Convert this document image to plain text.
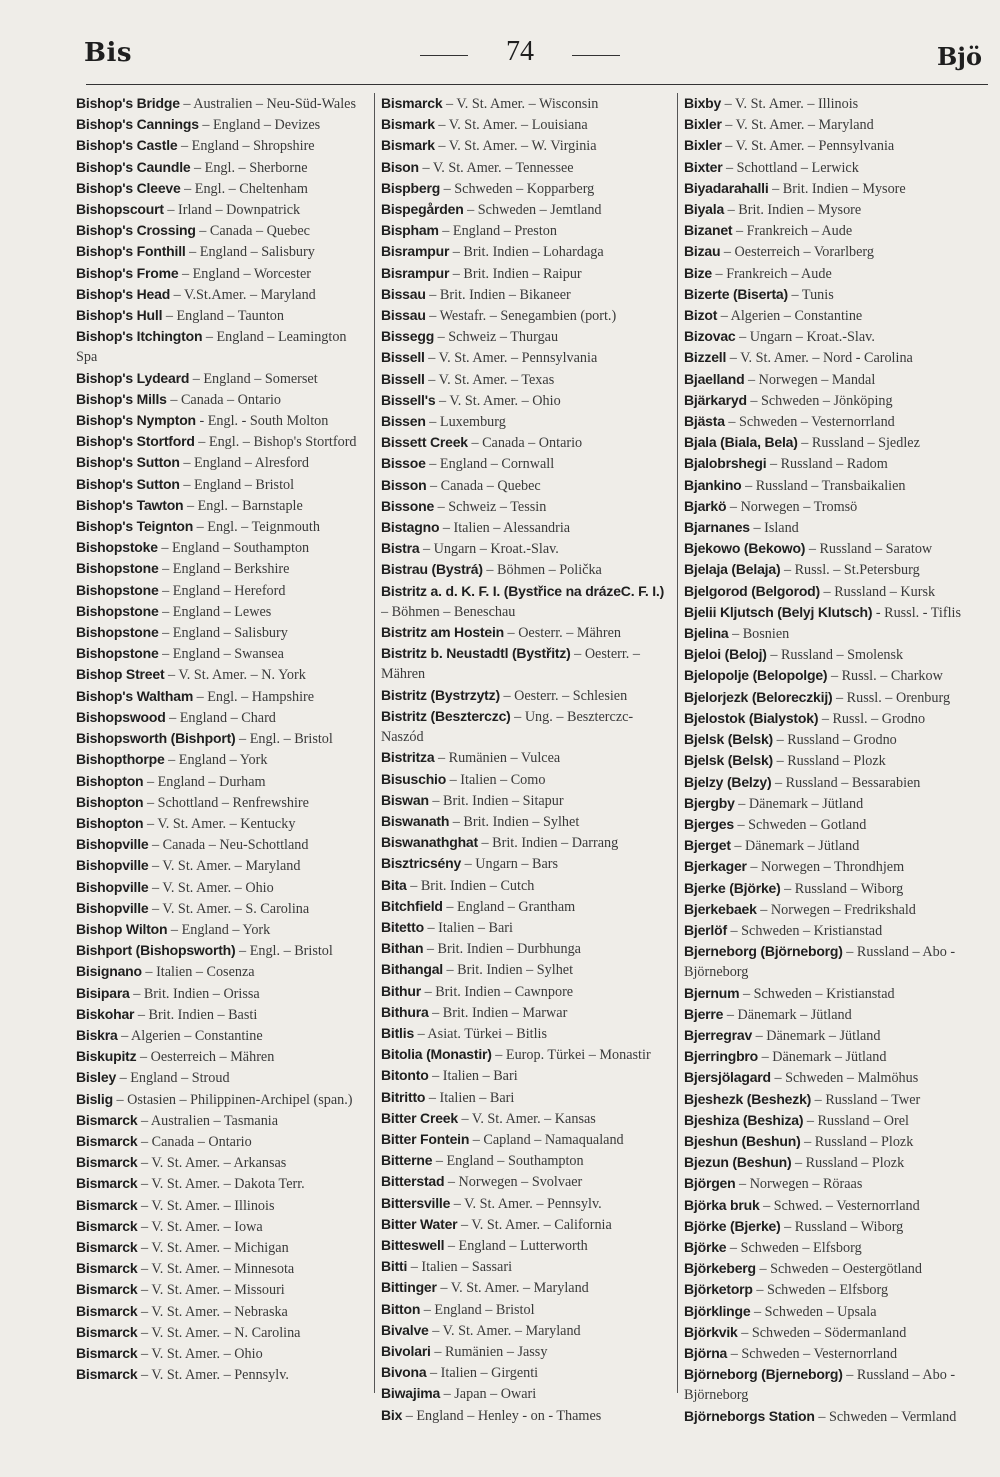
Bis	74	Bjö
Bishop's Bridge – Australien – Neu-Süd-Wales
Bishop's Cannings – England – Devizes
Bishop's Castle – England – Shropshire
Bishop's Caundle – Engl. – Sherborne
Bishop's Cleeve – Engl. – Cheltenham
Bishopscourt – Irland – Downpatrick
Bishop's Crossing – Canada – Quebec
Bishop's Fonthill – England – Salisbury
Bishop's Frome – England – Worcester
Bishop's Head – V.St.Amer. – Maryland
Bishop's Hull – England – Taunton
Bishop's Itchington – England – Leamington Spa
Bishop's Lydeard – England – Somerset
Bishop's Mills – Canada – Ontario
Bishop's Nympton - Engl. - South Molton
Bishop's Stortford – Engl. – Bishop's Stortford
Bishop's Sutton – England – Alresford
Bishop's Sutton – England – Bristol
Bishop's Tawton – Engl. – Barnstaple
Bishop's Teignton – Engl. – Teignmouth
Bishopstoke – England – Southampton
Bishopstone – England – Berkshire
Bishopstone – England – Hereford
Bishopstone – England – Lewes
Bishopstone – England – Salisbury
Bishopstone – England – Swansea
Bishop Street – V. St. Amer. – N. York
Bishop's Waltham – Engl. – Hampshire
Bishopswood – England – Chard
Bishopsworth (Bishport) – Engl. – Bristol
Bishopthorpe – England – York
Bishopton – England – Durham
Bishopton – Schottland – Renfrewshire
Bishopton – V. St. Amer. – Kentucky
Bishopville – Canada – Neu-Schottland
Bishopville – V. St. Amer. – Maryland
Bishopville – V. St. Amer. – Ohio
Bishopville – V. St. Amer. – S. Carolina
Bishop Wilton – England – York
Bishport (Bishopsworth) – Engl. – Bristol
Bisignano – Italien – Cosenza
Bisipara – Brit. Indien – Orissa
Biskohar – Brit. Indien – Basti
Biskra – Algerien – Constantine
Biskupitz – Oesterreich – Mähren
Bisley – England – Stroud
Bislig – Ostasien – Philippinen-Archipel (span.)
Bismarck – Australien – Tasmania
Bismarck – Canada – Ontario
Bismarck – V. St. Amer. – Arkansas
Bismarck – V. St. Amer. – Dakota Terr.
Bismarck – V. St. Amer. – Illinois
Bismarck – V. St. Amer. – Iowa
Bismarck – V. St. Amer. – Michigan
Bismarck – V. St. Amer. – Minnesota
Bismarck – V. St. Amer. – Missouri
Bismarck – V. St. Amer. – Nebraska
Bismarck – V. St. Amer. – N. Carolina
Bismarck – V. St. Amer. – Ohio
Bismarck – V. St. Amer. – Pennsylv.
Bismarck – V. St. Amer. – Wisconsin
Bismark – V. St. Amer. – Louisiana
Bismark – V. St. Amer. – W. Virginia
Bison – V. St. Amer. – Tennessee
Bispberg – Schweden – Kopparberg
Bispegården – Schweden – Jemtland
Bispham – England – Preston
Bisrampur – Brit. Indien – Lohardaga
Bisrampur – Brit. Indien – Raipur
Bissau – Brit. Indien – Bikaneer
Bissau – Westafr. – Senegambien (port.)
Bissegg – Schweiz – Thurgau
Bissell – V. St. Amer. – Pennsylvania
Bissell – V. St. Amer. – Texas
Bissell's – V. St. Amer. – Ohio
Bissen – Luxemburg
Bissett Creek – Canada – Ontario
Bissoe – England – Cornwall
Bisson – Canada – Quebec
Bissone – Schweiz – Tessin
Bistagno – Italien – Alessandria
Bistra – Ungarn – Kroat.-Slav.
Bistrau (Bystrá) – Böhmen – Polička
Bistritz a. d. K. F. I. (Bystřice na drázeC. F. I.) – Böhmen – Beneschau
Bistritz am Hostein – Oesterr. – Mähren
Bistritz b. Neustadtl (Bystřitz) – Oesterr. – Mähren
Bistritz (Bystrzytz) – Oesterr. – Schlesien
Bistritz (Beszterczc) – Ung. – Beszterczc-Naszód
Bistritza – Rumänien – Vulcea
Bisuschio – Italien – Como
Biswan – Brit. Indien – Sitapur
Biswanath – Brit. Indien – Sylhet
Biswanathghat – Brit. Indien – Darrang
Bisztricsény – Ungarn – Bars
Bita – Brit. Indien – Cutch
Bitchfield – England – Grantham
Bitetto – Italien – Bari
Bithan – Brit. Indien – Durbhunga
Bithangal – Brit. Indien – Sylhet
Bithur – Brit. Indien – Cawnpore
Bithura – Brit. Indien – Marwar
Bitlis – Asiat. Türkei – Bitlis
Bitolia (Monastir) – Europ. Türkei – Monastir
Bitonto – Italien – Bari
Bitritto – Italien – Bari
Bitter Creek – V. St. Amer. – Kansas
Bitter Fontein – Capland – Namaqualand
Bitterne – England – Southampton
Bitterstad – Norwegen – Svolvaer
Bittersville – V. St. Amer. – Pennsylv.
Bitter Water – V. St. Amer. – California
Bitteswell – England – Lutterworth
Bitti – Italien – Sassari
Bittinger – V. St. Amer. – Maryland
Bitton – England – Bristol
Bivalve – V. St. Amer. – Maryland
Bivolari – Rumänien – Jassy
Bivona – Italien – Girgenti
Biwajima – Japan – Owari
Bix – England – Henley - on - Thames
Bixby – V. St. Amer. – Illinois
Bixler – V. St. Amer. – Maryland
Bixler – V. St. Amer. – Pennsylvania
Bixter – Schottland – Lerwick
Biyadarahalli – Brit. Indien – Mysore
Biyala – Brit. Indien – Mysore
Bizanet – Frankreich – Aude
Bizau – Oesterreich – Vorarlberg
Bize – Frankreich – Aude
Bizerte (Biserta) – Tunis
Bizot – Algerien – Constantine
Bizovac – Ungarn – Kroat.-Slav.
Bizzell – V. St. Amer. – Nord - Carolina
Bjaelland – Norwegen – Mandal
Bjärkaryd – Schweden – Jönköping
Bjästa – Schweden – Vesternorrland
Bjala (Biala, Bela) – Russland – Sjedlez
Bjalobrshegi – Russland – Radom
Bjankino – Russland – Transbaikalien
Bjarkö – Norwegen – Tromsö
Bjarnanes – Island
Bjekowo (Bekowo) – Russland – Saratow
Bjelaja (Belaja) – Russl. – St.Petersburg
Bjelgorod (Belgorod) – Russland – Kursk
Bjelii Kljutsch (Belyj Klutsch) - Russl. - Tiflis
Bjelina – Bosnien
Bjeloi (Beloj) – Russland – Smolensk
Bjelopolje (Belopolge) – Russl. – Charkow
Bjelorjezk (Beloreczkij) – Russl. – Orenburg
Bjelostok (Bialystok) – Russl. – Grodno
Bjelsk (Belsk) – Russland – Grodno
Bjelsk (Belsk) – Russland – Plozk
Bjelzy (Belzy) – Russland – Bessarabien
Bjergby – Dänemark – Jütland
Bjerges – Schweden – Gotland
Bjerget – Dänemark – Jütland
Bjerkager – Norwegen – Throndhjem
Bjerke (Björke) – Russland – Wiborg
Bjerkebaek – Norwegen – Fredrikshald
Bjerlöf – Schweden – Kristianstad
Bjerneborg (Björneborg) – Russland – Abo - Björneborg
Bjernum – Schweden – Kristianstad
Bjerre – Dänemark – Jütland
Bjerregrav – Dänemark – Jütland
Bjerringbro – Dänemark – Jütland
Bjersjölagard – Schweden – Malmöhus
Bjeshezk (Beshezk) – Russland – Twer
Bjeshiza (Beshiza) – Russland – Orel
Bjeshun (Beshun) – Russland – Plozk
Bjezun (Beshun) – Russland – Plozk
Björgen – Norwegen – Röraas
Björka bruk – Schwed. – Vesternorrland
Björke (Bjerke) – Russland – Wiborg
Björke – Schweden – Elfsborg
Björkeberg – Schweden – Oestergötland
Björketorp – Schweden – Elfsborg
Björklinge – Schweden – Upsala
Björkvik – Schweden – Södermanland
Björna – Schweden – Vesternorrland
Björneborg (Bjerneborg) – Russland – Abo - Björneborg
Björneborgs Station – Schweden – Vermland
